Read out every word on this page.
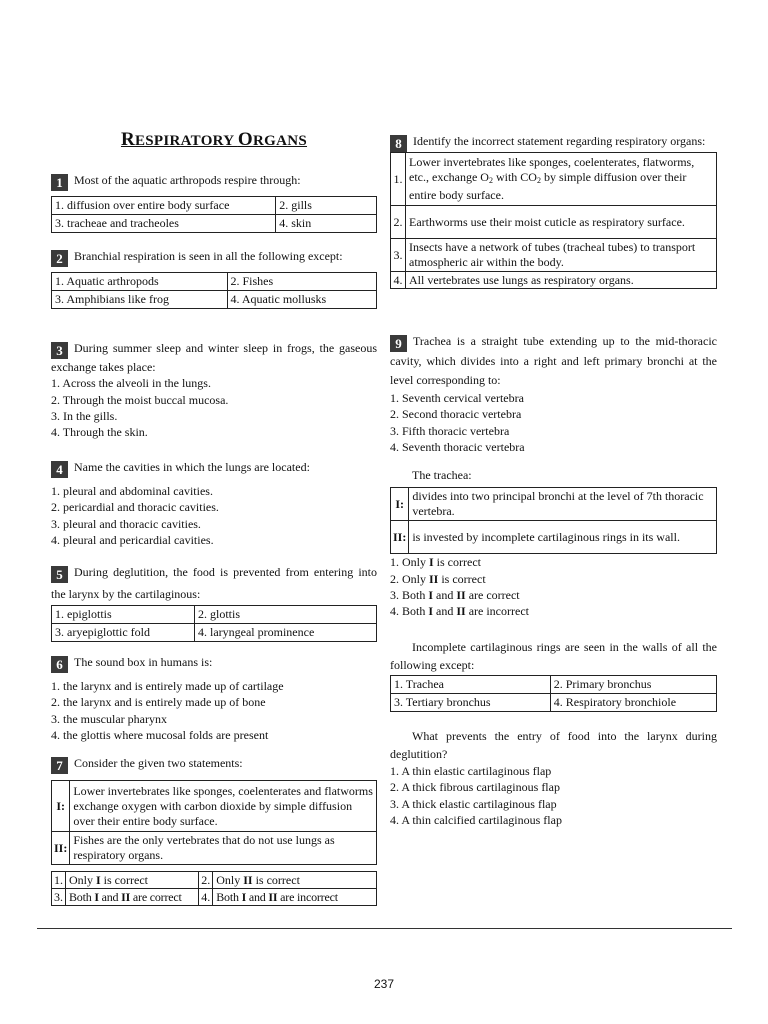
RESPIRATORY ORGANS
1 Most of the aquatic arthropods respire through:
1. diffusion over entire body surface	2. gills
3. tracheae and tracheoles	4. skin
2 Branchial respiration is seen in all the following except:
1. Aquatic arthropods	2. Fishes
3. Amphibians like frog	4. Aquatic mollusks
3 During summer sleep and winter sleep in frogs, the gaseous exchange takes place:
1. Across the alveoli in the lungs.
2. Through the moist buccal mucosa.
3. In the gills.
4. Through the skin.
4 Name the cavities in which the lungs are located:
1. pleural and abdominal cavities.
2. pericardial and thoracic cavities.
3. pleural and thoracic cavities.
4. pleural and pericardial cavities.
5 During deglutition, the food is prevented from entering into the larynx by the cartilaginous:
1. epiglottis	2. glottis
3. aryepiglottic fold	4. laryngeal prominence
6 The sound box in humans is:
1. the larynx and is entirely made up of cartilage
2. the larynx and is entirely made up of bone
3. the muscular pharynx
4. the glottis where mucosal folds are present
7 Consider the given two statements:
I:	Lower invertebrates like sponges, coelenterates and flatworms exchange oxygen with carbon dioxide by simple diffusion over their entire body surface.
II:	Fishes are the only vertebrates that do not use lungs as respiratory organs.
1.	Only I is correct	2.	Only II is correct
3.	Both I and II are correct	4.	Both I and II are incorrect
8 Identify the incorrect statement regarding respiratory organs:
1.	Lower invertebrates like sponges, coelenterates, flatworms, etc., exchange $O_2$ with $CO_2$ by simple diffusion over their entire body surface.
2.	Earthworms use their moist cuticle as respiratory surface.
3.	Insects have a network of tubes (tracheal tubes) to transport atmospheric air within the body.
4.	All vertebrates use lungs as respiratory organs.
9 Trachea is a straight tube extending up to the mid-thoracic cavity, which divides into a right and left primary bronchi at the level corresponding to:
1. Seventh cervical vertebra
2. Second thoracic vertebra
3. Fifth thoracic vertebra
4. Seventh thoracic vertebra
The trachea:
I:	divides into two principal bronchi at the level of 7th thoracic vertebra.
II:	is invested by incomplete cartilaginous rings in its wall.
1. Only I is correct
2. Only II is correct
3. Both I and II are correct
4. Both I and II are incorrect
Incomplete cartilaginous rings are seen in the walls of all the following except:
1. Trachea	2. Primary bronchus
3. Tertiary bronchus	4. Respiratory bronchiole
What prevents the entry of food into the larynx during deglutition?
1. A thin elastic cartilaginous flap
2. A thick fibrous cartilaginous flap
3. A thick elastic cartilaginous flap
4. A thin calcified cartilaginous flap
237
